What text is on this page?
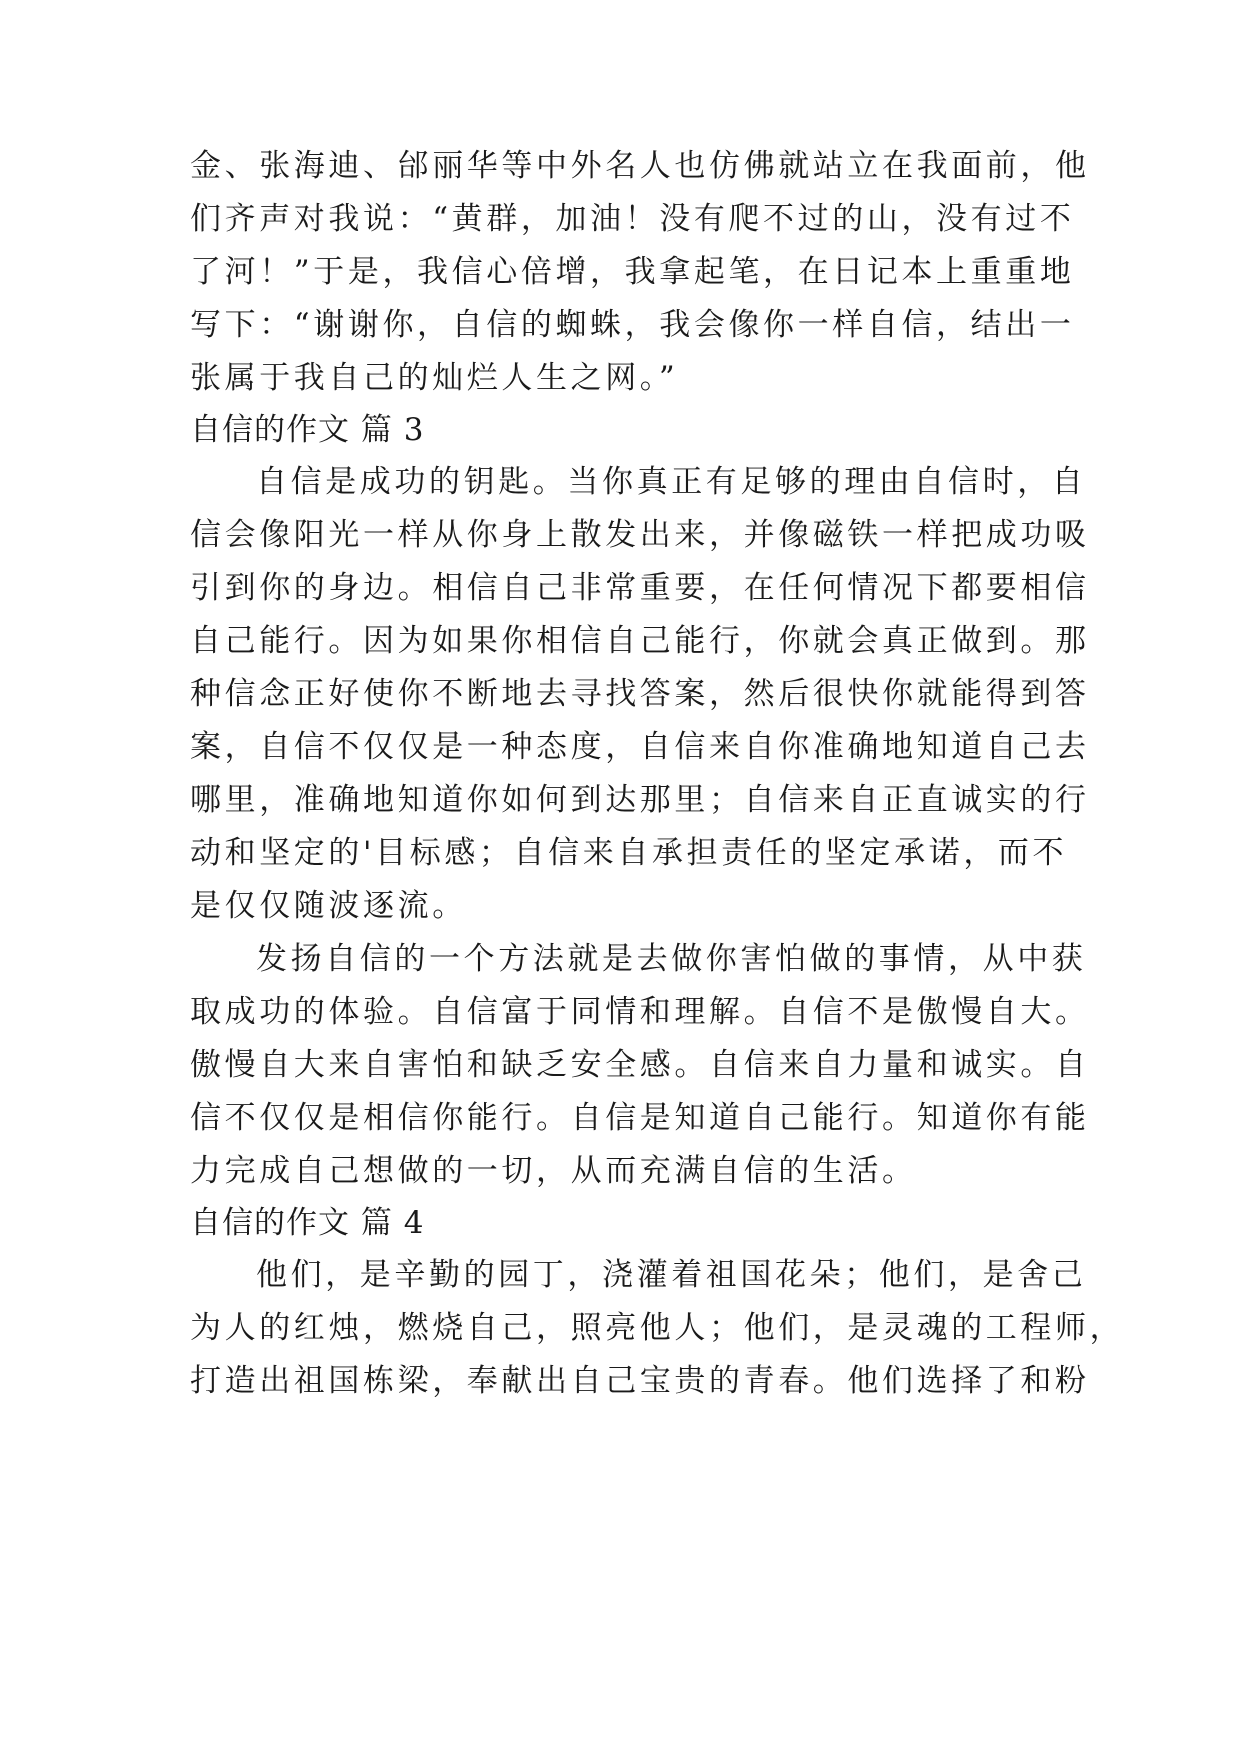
金、张海迪、邰丽华等中外名人也仿佛就站立在我面前，他
们齐声对我说：“黄群，加油！没有爬不过的山，没有过不
了河！”于是，我信心倍增，我拿起笔，在日记本上重重地
写下：“谢谢你，自信的蜘蛛，我会像你一样自信，结出一
张属于我自己的灿烂人生之网。”
自信的作文 篇 3
自信是成功的钥匙。当你真正有足够的理由自信时，自
信会像阳光一样从你身上散发出来，并像磁铁一样把成功吸
引到你的身边。相信自己非常重要，在任何情况下都要相信
自己能行。因为如果你相信自己能行，你就会真正做到。那
种信念正好使你不断地去寻找答案，然后很快你就能得到答
案，自信不仅仅是一种态度，自信来自你准确地知道自己去
哪里，准确地知道你如何到达那里；自信来自正直诚实的行
动和坚定的'目标感；自信来自承担责任的坚定承诺，而不
是仅仅随波逐流。
发扬自信的一个方法就是去做你害怕做的事情，从中获
取成功的体验。自信富于同情和理解。自信不是傲慢自大。
傲慢自大来自害怕和缺乏安全感。自信来自力量和诚实。自
信不仅仅是相信你能行。自信是知道自己能行。知道你有能
力完成自己想做的一切，从而充满自信的生活。
自信的作文 篇 4
他们，是辛勤的园丁，浇灌着祖国花朵；他们，是舍己
为人的红烛，燃烧自己，照亮他人；他们，是灵魂的工程师，
打造出祖国栋梁，奉献出自己宝贵的青春。他们选择了和粉
